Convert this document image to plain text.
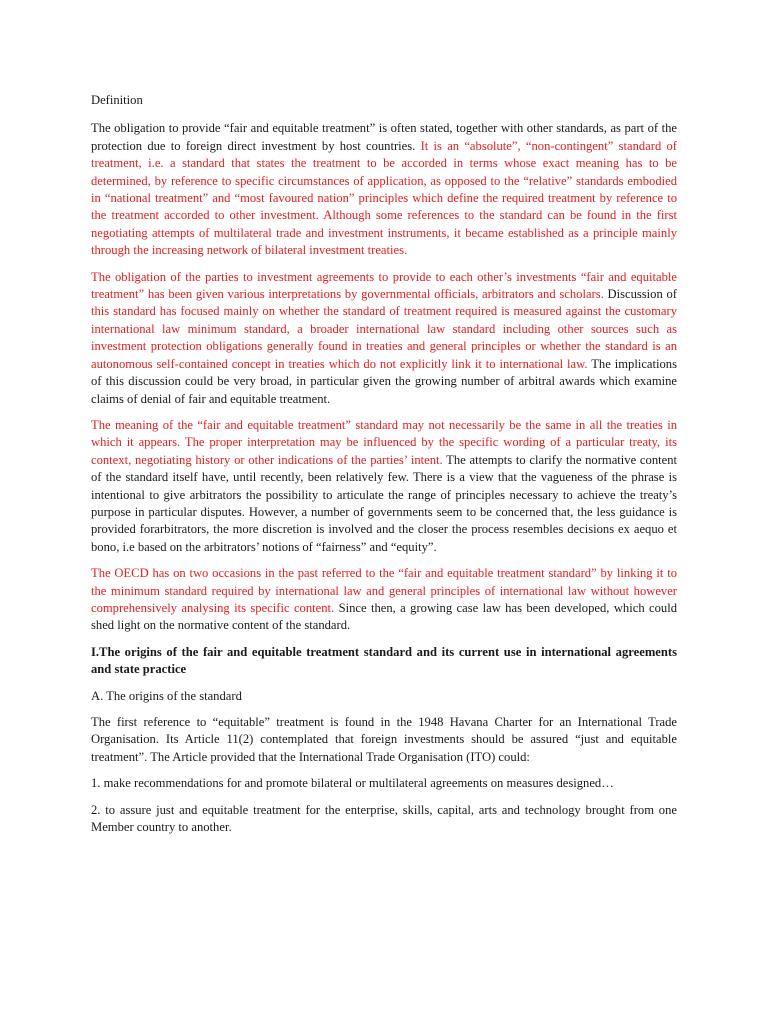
Definition

The obligation to provide “fair and equitable treatment” is often stated, together with other standards, as part of the protection due to foreign direct investment by host countries. It is an “absolute”, “non-contingent” standard of treatment, i.e. a standard that states the treatment to be accorded in terms whose exact meaning has to be determined, by reference to specific circumstances of application, as opposed to the “relative” standards embodied in “national treatment” and “most favoured nation” principles which define the required treatment by reference to the treatment accorded to other investment. Although some references to the standard can be found in the first negotiating attempts of multilateral trade and investment instruments, it became established as a principle mainly through the increasing network of bilateral investment treaties.

The obligation of the parties to investment agreements to provide to each other’s investments “fair and equitable treatment” has been given various interpretations by governmental officials, arbitrators and scholars. Discussion of this standard has focused mainly on whether the standard of treatment required is measured against the customary international law minimum standard, a broader international law standard including other sources such as investment protection obligations generally found in treaties and general principles or whether the standard is an autonomous self-contained concept in treaties which do not explicitly link it to international law. The implications of this discussion could be very broad, in particular given the growing number of arbitral awards which examine claims of denial of fair and equitable treatment.

The meaning of the “fair and equitable treatment” standard may not necessarily be the same in all the treaties in which it appears. The proper interpretation may be influenced by the specific wording of a particular treaty, its context, negotiating history or other indications of the parties’ intent. The attempts to clarify the normative content of the standard itself have, until recently, been relatively few. There is a view that the vagueness of the phrase is intentional to give arbitrators the possibility to articulate the range of principles necessary to achieve the treaty’s purpose in particular disputes. However, a number of governments seem to be concerned that, the less guidance is provided forarbitrators, the more discretion is involved and the closer the process resembles decisions ex aequo et bono, i.e based on the arbitrators’ notions of “fairness” and “equity”.

The OECD has on two occasions in the past referred to the “fair and equitable treatment standard” by linking it to the minimum standard required by international law and general principles of international law without however comprehensively analysing its specific content. Since then, a growing case law has been developed, which could shed light on the normative content of the standard.

I.The origins of the fair and equitable treatment standard and its current use in international agreements and state practice

A. The origins of the standard

The first reference to “equitable” treatment is found in the 1948 Havana Charter for an International Trade Organisation. Its Article 11(2) contemplated that foreign investments should be assured “just and equitable treatment”. The Article provided that the International Trade Organisation (ITO) could:

1. make recommendations for and promote bilateral or multilateral agreements on measures designed…

2. to assure just and equitable treatment for the enterprise, skills, capital, arts and technology brought from one Member country to another.
